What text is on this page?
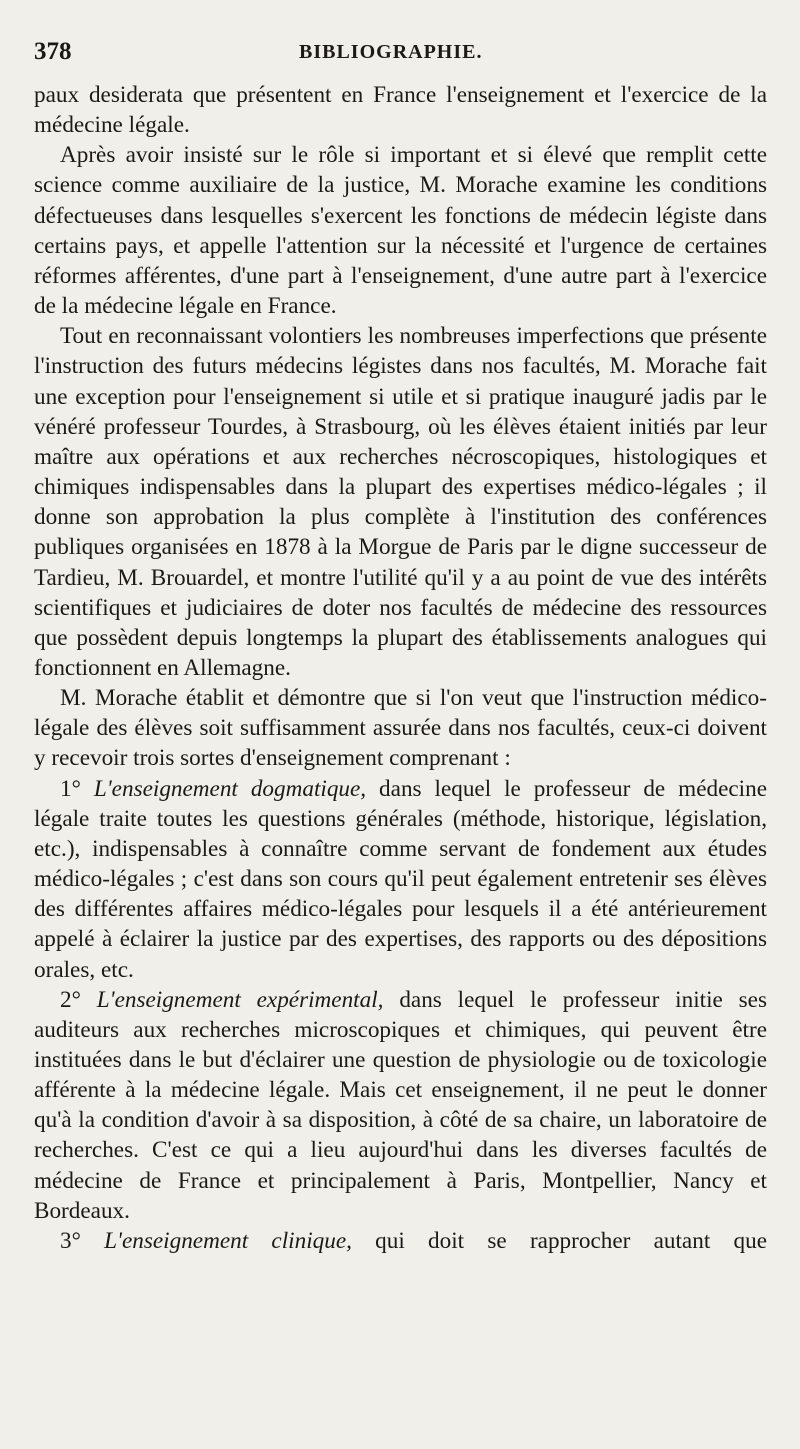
378	BIBLIOGRAPHIE.

paux desiderata que présentent en France l'enseignement et l'exercice de la médecine légale.

Après avoir insisté sur le rôle si important et si élevé que remplit cette science comme auxiliaire de la justice, M. Morache examine les conditions défectueuses dans lesquelles s'exercent les fonctions de médecin légiste dans certains pays, et appelle l'attention sur la nécessité et l'urgence de certaines réformes afférentes, d'une part à l'enseignement, d'une autre part à l'exercice de la médecine légale en France.

Tout en reconnaissant volontiers les nombreuses imperfections que présente l'instruction des futurs médecins légistes dans nos facultés, M. Morache fait une exception pour l'enseignement si utile et si pratique inauguré jadis par le vénéré professeur Tourdes, à Strasbourg, où les élèves étaient initiés par leur maître aux opérations et aux recherches nécroscopiques, histologiques et chimiques indispensables dans la plupart des expertises médico-légales ; il donne son approbation la plus complète à l'institution des conférences publiques organisées en 1878 à la Morgue de Paris par le digne successeur de Tardieu, M. Brouardel, et montre l'utilité qu'il y a au point de vue des intérêts scientifiques et judiciaires de doter nos facultés de médecine des ressources que possèdent depuis longtemps la plupart des établissements analogues qui fonctionnent en Allemagne.

M. Morache établit et démontre que si l'on veut que l'instruction médico-légale des élèves soit suffisamment assurée dans nos facultés, ceux-ci doivent y recevoir trois sortes d'enseignement comprenant :

1° L'enseignement dogmatique, dans lequel le professeur de médecine légale traite toutes les questions générales (méthode, historique, législation, etc.), indispensables à connaître comme servant de fondement aux études médico-légales ; c'est dans son cours qu'il peut également entretenir ses élèves des différentes affaires médico-légales pour lesquels il a été antérieurement appelé à éclairer la justice par des expertises, des rapports ou des dépositions orales, etc.

2° L'enseignement expérimental, dans lequel le professeur initie ses auditeurs aux recherches microscopiques et chimiques, qui peuvent être instituées dans le but d'éclairer une question de physiologie ou de toxicologie afférente à la médecine légale. Mais cet enseignement, il ne peut le donner qu'à la condition d'avoir à sa disposition, à côté de sa chaire, un laboratoire de recherches. C'est ce qui a lieu aujourd'hui dans les diverses facultés de médecine de France et principalement à Paris, Montpellier, Nancy et Bordeaux.

3° L'enseignement clinique, qui doit se rapprocher autant que
